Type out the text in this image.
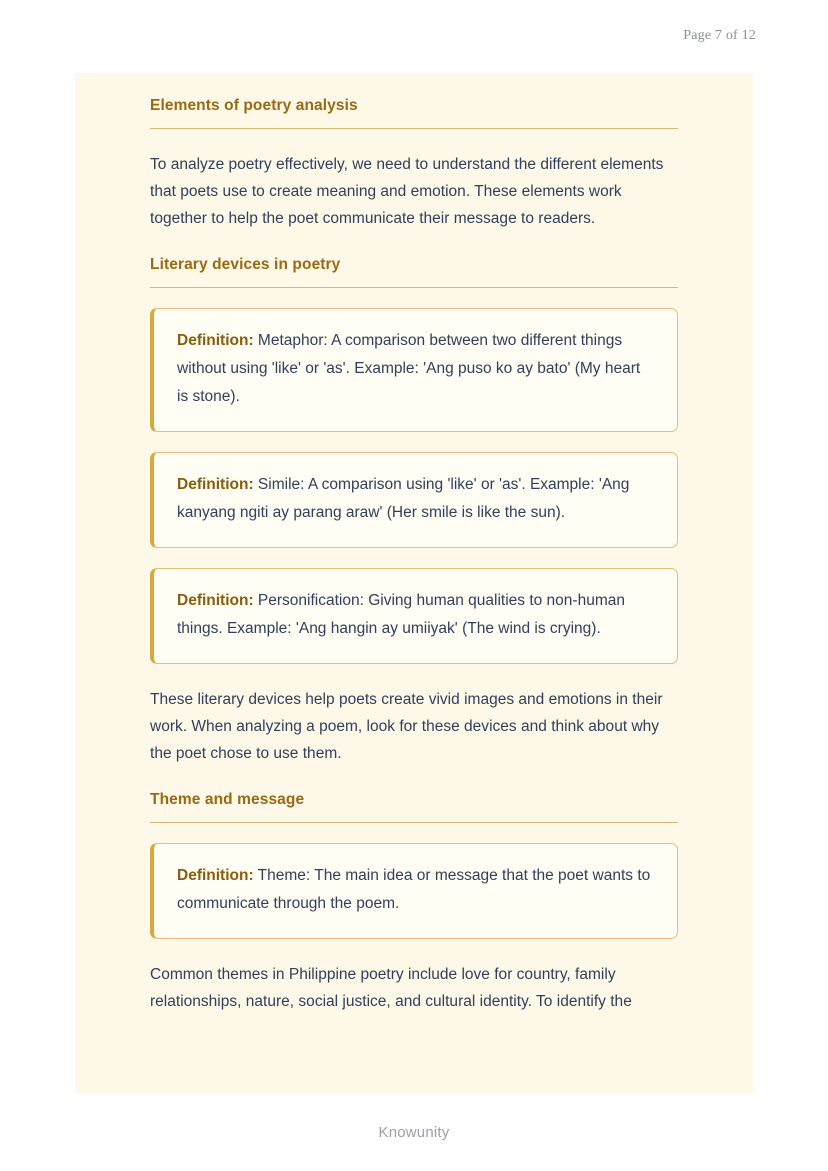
Page 7 of 12
Elements of poetry analysis

To analyze poetry effectively, we need to understand the different elements that poets use to create meaning and emotion. These elements work together to help the poet communicate their message to readers.

Literary devices in poetry

Definition: Metaphor: A comparison between two different things without using 'like' or 'as'. Example: 'Ang puso ko ay bato' (My heart is stone).

Definition: Simile: A comparison using 'like' or 'as'. Example: 'Ang kanyang ngiti ay parang araw' (Her smile is like the sun).

Definition: Personification: Giving human qualities to non-human things. Example: 'Ang hangin ay umiiyak' (The wind is crying).

These literary devices help poets create vivid images and emotions in their work. When analyzing a poem, look for these devices and think about why the poet chose to use them.

Theme and message

Definition: Theme: The main idea or message that the poet wants to communicate through the poem.

Common themes in Philippine poetry include love for country, family relationships, nature, social justice, and cultural identity. To identify the

Knowunity
